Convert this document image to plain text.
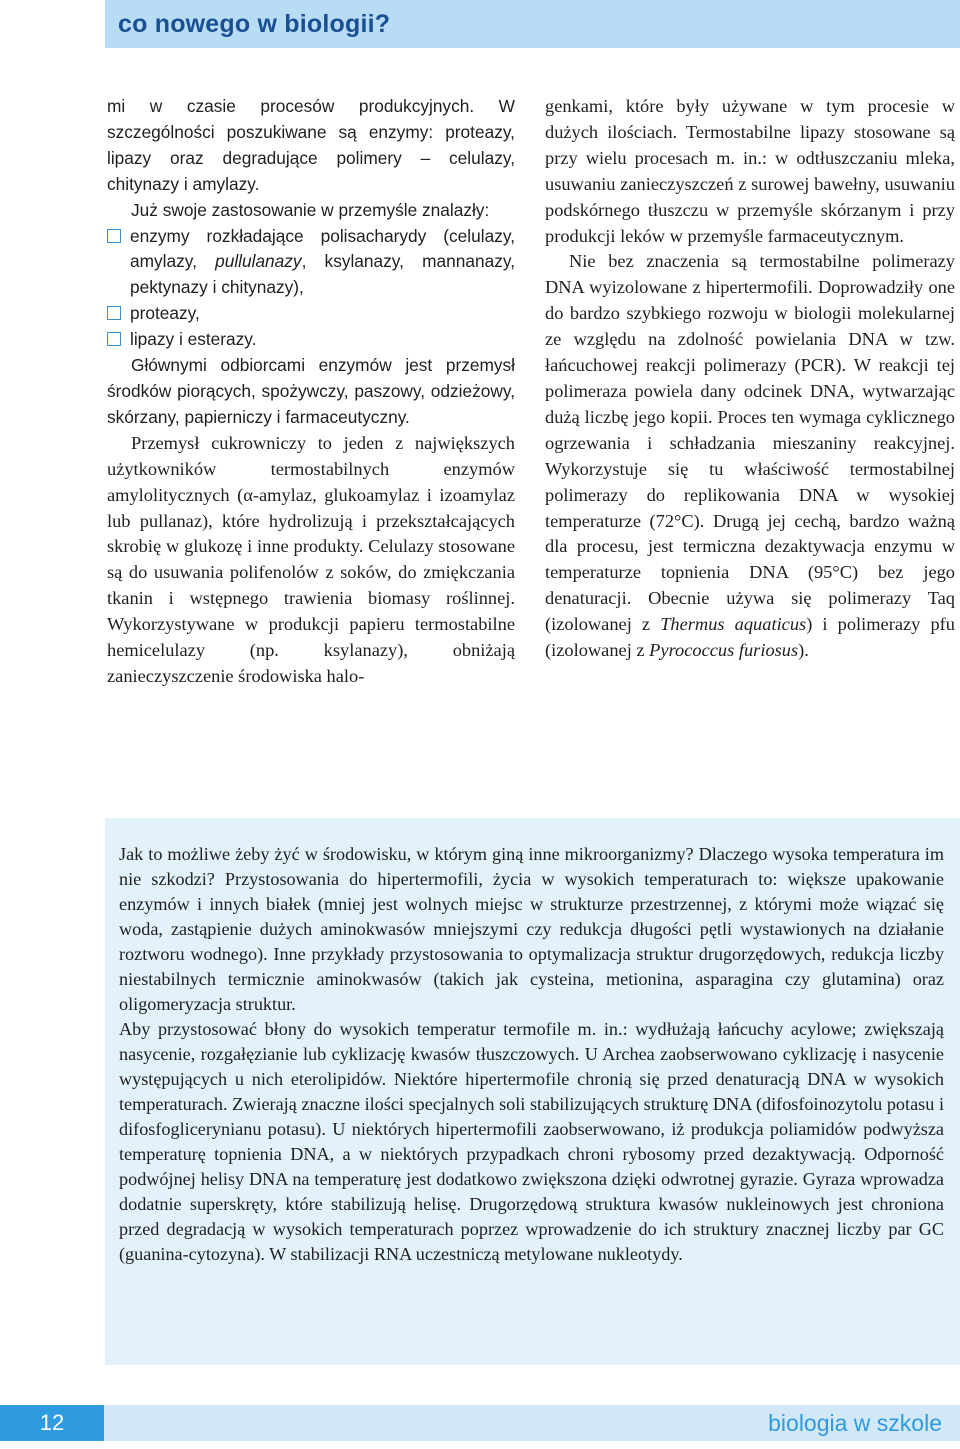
co nowego w biologii?

mi w czasie procesów produkcyjnych. W szczególności poszukiwane są enzymy: proteazy, lipazy oraz degradujące polimery – celulazy, chitynazy i amylazy.

Już swoje zastosowanie w przemyśle znalazły:

enzymy rozkładające polisacharydy (celulazy, amylazy, pullulanazy, ksylanazy, mannanazy, pektynazy i chitynazy),
proteazy,
lipazy i esterazy.

Głównymi odbiorcami enzymów jest przemysł środków piorących, spożywczy, paszowy, odzieżowy, skórzany, papierniczy i farmaceutyczny.

Przemysł cukrowniczy to jeden z największych użytkowników termostabilnych enzymów amylolitycznych (α-amylaz, glukoamylaz i izoamylaz lub pullanaz), które hydrolizują i przekształcających skrobię w glukozę i inne produkty. Celulazy stosowane są do usuwania polifenolów z soków, do zmiękczania tkanin i wstępnego trawienia biomasy roślinnej. Wykorzystywane w produkcji papieru termostabilne hemicelulazy (np. ksylanazy), obniżają zanieczyszczenie środowiska halo-

genkami, które były używane w tym procesie w dużych ilościach. Termostabilne lipazy stosowane są przy wielu procesach m. in.: w odtłuszczaniu mleka, usuwaniu zanieczyszczeń z surowej bawełny, usuwaniu podskórnego tłuszczu w przemyśle skórzanym i przy produkcji leków w przemyśle farmaceutycznym.

Nie bez znaczenia są termostabilne polimerazy DNA wyizolowane z hipertermofili. Doprowadziły one do bardzo szybkiego rozwoju w biologii molekularnej ze względu na zdolność powielania DNA w tzw. łańcuchowej reakcji polimerazy (PCR). W reakcji tej polimeraza powiela dany odcinek DNA, wytwarzając dużą liczbę jego kopii. Proces ten wymaga cyklicznego ogrzewania i schładzania mieszaniny reakcyjnej. Wykorzystuje się tu właściwość termostabilnej polimerazy do replikowania DNA w wysokiej temperaturze (72°C). Drugą jej cechą, bardzo ważną dla procesu, jest termiczna dezaktywacja enzymu w temperaturze topnienia DNA (95°C) bez jego denaturacji. Obecnie używa się polimerazy Taq (izolowanej z Thermus aquaticus) i polimerazy pfu (izolowanej z Pyrococcus furiosus).

Jak to możliwe żeby żyć w środowisku, w którym giną inne mikroorganizmy? Dlaczego wysoka temperatura im nie szkodzi? Przystosowania do hipertermofili, życia w wysokich temperaturach to: większe upakowanie enzymów i innych białek (mniej jest wolnych miejsc w strukturze przestrzennej, z którymi może wiązać się woda, zastąpienie dużych aminokwasów mniejszymi czy redukcja długości pętli wystawionych na działanie roztworu wodnego). Inne przykłady przystosowania to optymalizacja struktur drugorzędowych, redukcja liczby niestabilnych termicznie aminokwasów (takich jak cysteina, metionina, asparagina czy glutamina) oraz oligomeryzacja struktur.

Aby przystosować błony do wysokich temperatur termofile m. in.: wydłużają łańcuchy acylowe; zwiększają nasycenie, rozgałęzianie lub cyklizację kwasów tłuszczowych. U Archea zaobserwowano cyklizację i nasycenie występujących u nich eterolipidów. Niektóre hipertermofile chronią się przed denaturacją DNA w wysokich temperaturach. Zwierają znaczne ilości specjalnych soli stabilizujących strukturę DNA (difosfoinozytolu potasu i difosfoglicerynianu potasu). U niektórych hipertermofili zaobserwowano, iż produkcja poliamidów podwyższa temperaturę topnienia DNA, a w niektórych przypadkach chroni rybosomy przed dezaktywacją. Odporność podwójnej helisy DNA na temperaturę jest dodatkowo zwiększona dzięki odwrotnej gyrazie. Gyraza wprowadza dodatnie superskręty, które stabilizują helisę. Drugorzędową struktura kwasów nukleinowych jest chroniona przed degradacją w wysokich temperaturach poprzez wprowadzenie do ich struktury znacznej liczby par GC (guanina-cytozyna). W stabilizacji RNA uczestniczą metylowane nukleotydy.

12	biologia w szkole
